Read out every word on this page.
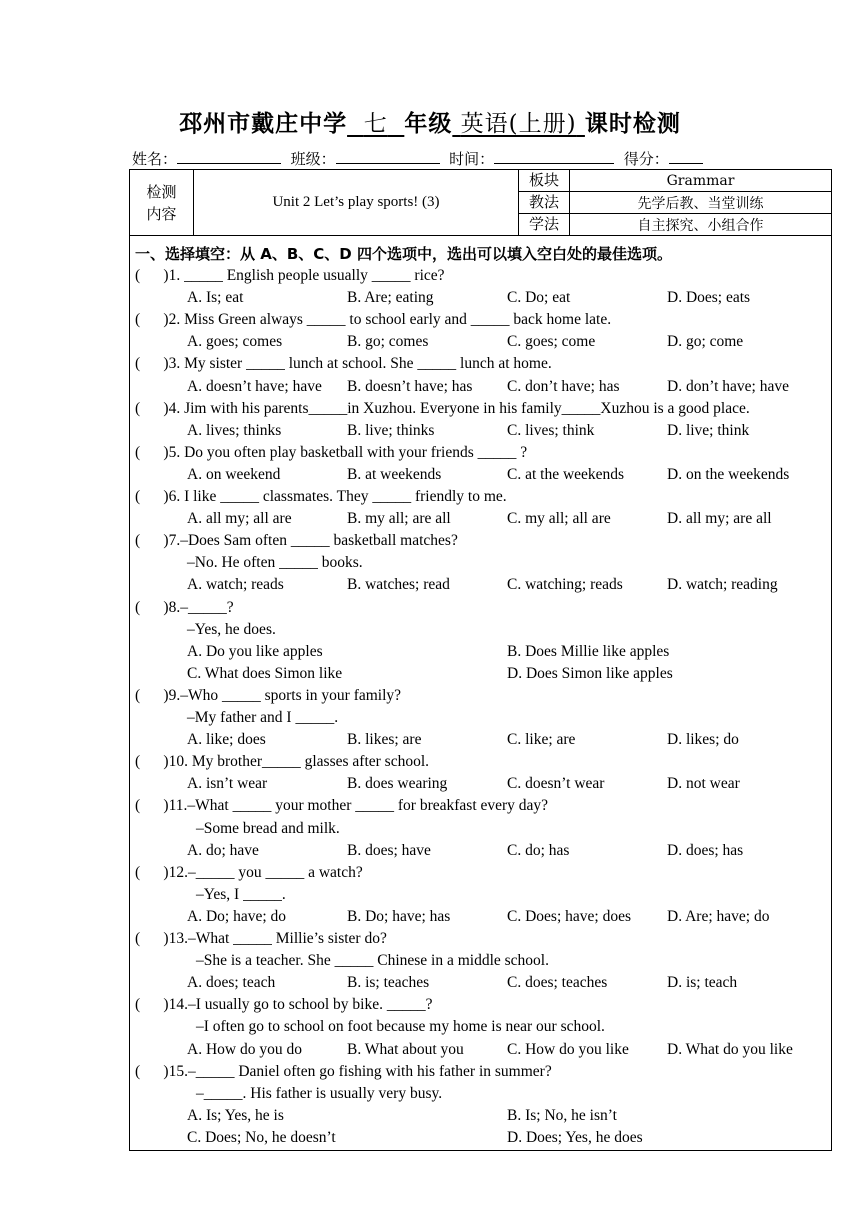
邳州市戴庄中学 七 年级 英语(上册) 课时检测
姓名：	班级：	时间：	得分：
检测
内容	Unit 2 Let’s play sports! (3)	板块	Grammar
		教法	先学后教、当堂训练
		学法	自主探究、小组合作
一、选择填空：从 A、B、C、D 四个选项中，选出可以填入空白处的最佳选项。
(      )1. _____ English people usually _____ rice?
A. Is; eat	B. Are; eating	C. Do; eat	D. Does; eats
(      )2. Miss Green always _____ to school early and _____ back home late.
A. goes; comes	B. go; comes	C. goes; come	D. go; come
(      )3. My sister _____ lunch at school. She _____ lunch at home.
A. doesn’t have; have B. doesn’t have; has C. don’t have; has	D. don’t have; have
(      )4. Jim with his parents_____in Xuzhou. Everyone in his family_____Xuzhou is a good place.
A. lives; thinks	B. live; thinks	C. lives; think	D. live; think
(      )5. Do you often play basketball with your friends _____ ?
A. on weekend	B. at weekends	C. at the weekends	D. on the weekends
(      )6. I like _____ classmates. They _____ friendly to me.
A. all my; all are	B. my all; are all	C. my all; all are	D. all my; are all
(      )7.–Does Sam often _____ basketball matches?
–No. He often _____ books.
A. watch; reads	B. watches; read	C. watching; reads	D. watch; reading
(      )8.–_____?
–Yes, he does.
A. Do you like apples	B. Does Millie like apples
C. What does Simon like	D. Does Simon like apples
(      )9.–Who _____ sports in your family?
–My father and I _____.
A. like; does	B. likes; are	C. like; are	D. likes; do
(      )10. My brother_____ glasses after school.
A. isn’t wear	B. does wearing	C. doesn’t wear	D. not wear
(      )11.–What _____ your mother _____ for breakfast every day?
–Some bread and milk.
A. do; have	B. does; have	C. do; has	D. does; has
(      )12.–_____ you _____ a watch?
–Yes, I _____.
A. Do; have; do	B. Do; have; has	C. Does; have; does D. Are; have; do
(      )13.–What _____ Millie’s sister do?
–She is a teacher. She _____ Chinese in a middle school.
A. does; teach	B. is; teaches	C. does; teaches	D. is; teach
(      )14.–I usually go to school by bike. _____?
–I often go to school on foot because my home is near our school.
A. How do you do	B. What about you	C. How do you like D. What do you like
(      )15.–_____ Daniel often go fishing with his father in summer?
–_____. His father is usually very busy.
A. Is; Yes, he is	B. Is; No, he isn’t
C. Does; No, he doesn’t	D. Does; Yes, he does
